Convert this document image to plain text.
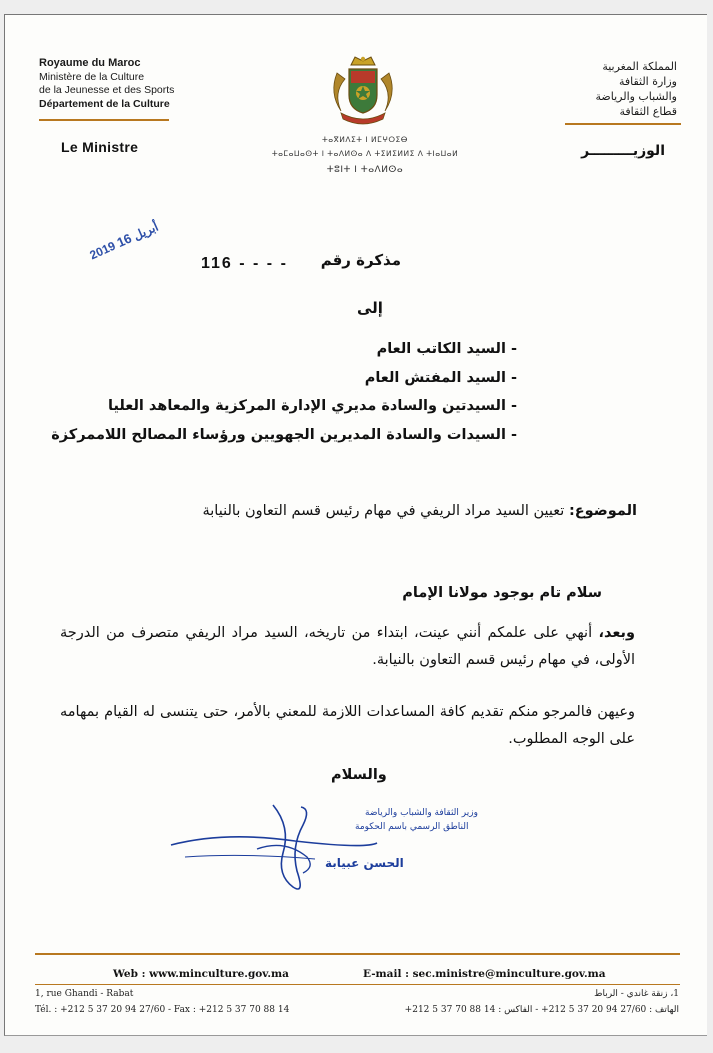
Royaume du Maroc
Ministère de la Culture
de la Jeunesse et des Sports
Département de la Culture
Le Ministre	ⵜⴰⴳⵍⴷⵉⵜ ⵏ ⵍⵎⵖⵔⵉⴱ
ⵜⴰⵎⴰⵡⴰⵙⵜ ⵏ ⵜⴰⴷⵍⵙⴰ ⴷ ⵜⵉⵍⵉⵍⵍⵉ ⴷ ⵜⵏⴰⵡⴰⵍ
ⵜⵓⵏⵜ ⵏ ⵜⴰⴷⵍⵙⴰ
المملكة المغربية
وزارة الثقافة
والشباب والرياضة
قطاع الثقافة
الوزيـــــــــر
2019 أبريل 16
مذكرة رقم
116 - - - -
إلى
- السيد الكاتب العام
- السيد المفتش العام
- السيدتين والسادة مديري الإدارة المركزية والمعاهد العليا
- السيدات والسادة المديرين الجهويين ورؤساء المصالح اللاممركزة
الموضوع: تعيين السيد مراد الريفي في مهام رئيس قسم التعاون بالنيابة
سلام تام بوجود مولانا الإمام
وبعد، أنهي على علمكم أنني عينت، ابتداء من تاريخه، السيد مراد الريفي متصرف من الدرجة الأولى، في مهام رئيس قسم التعاون بالنيابة.
وعيهن فالمرجو منكم تقديم كافة المساعدات اللازمة للمعني بالأمر، حتى يتنسى له القيام بمهامه على الوجه المطلوب.
والسلام
وزير الثقافة والشباب والرياضة
الناطق الرسمي باسم الحكومة
الحسن عبيابة
Web : www.minculture.gov.ma	E-mail : sec.ministre@minculture.gov.ma
1, rue Ghandi - Rabat
Tél. : +212 5 37 20 94 27/60 - Fax : +212 5 37 70 88 14
1، زنقة غاندي - الرباط
الهاتف : 27/60 94 20 37 5 212+ - الفاكس : 14 88 70 37 5 212+
